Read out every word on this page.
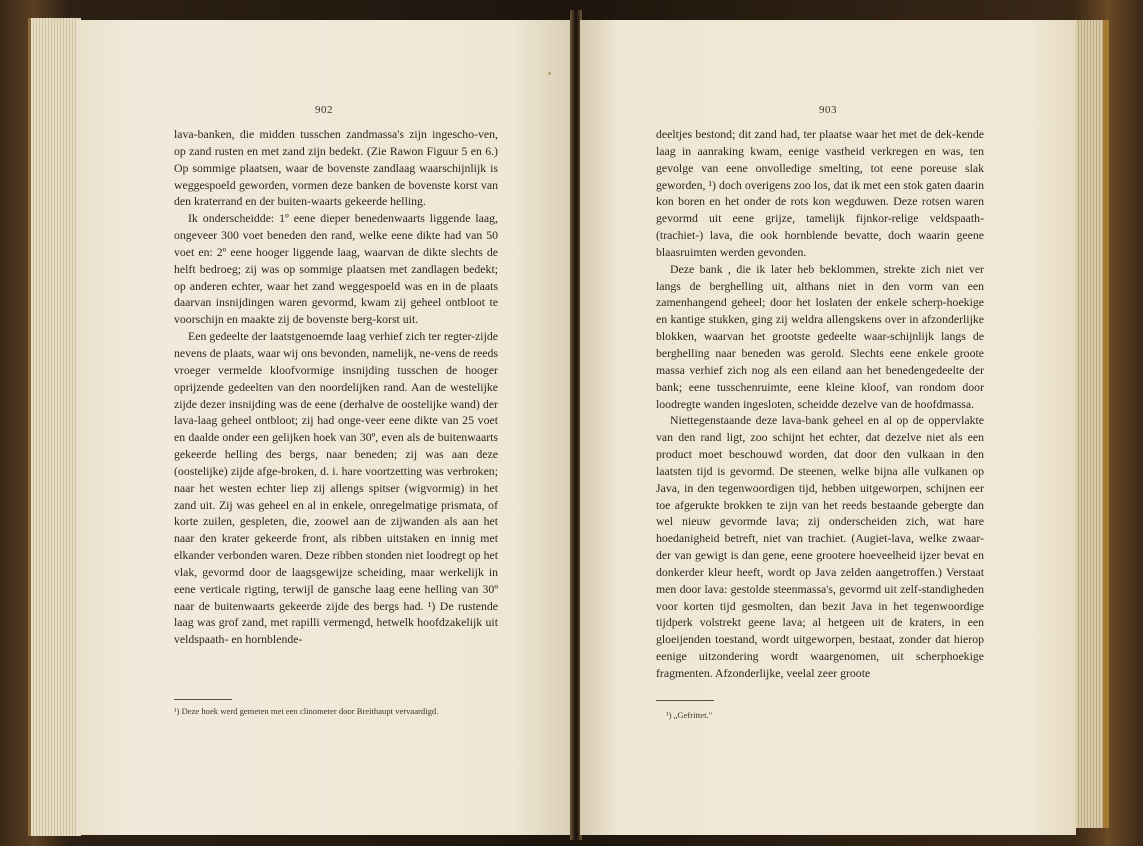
902

lava-banken, die midden tusschen zandmassa's zijn ingescho-ven, op zand rusten en met zand zijn bedekt. (Zie Rawon Figuur 5 en 6.) Op sommige plaatsen, waar de bovenste zandlaag waarschijnlijk is weggespoeld geworden, vormen deze banken de bovenste korst van den kraterrand en der buiten-waarts gekeerde helling.

Ik onderscheidde: 1º eene dieper benedenwaarts liggende laag, ongeveer 300 voet beneden den rand, welke eene dikte had van 50 voet en: 2º eene hooger liggende laag, waarvan de dikte slechts de helft bedroeg; zij was op sommige plaatsen met zandlagen bedekt; op anderen echter, waar het zand weggespoeld was en in de plaats daarvan insnijdingen waren gevormd, kwam zij geheel ontbloot te voorschijn en maakte zij de bovenste berg-korst uit.

Een gedeelte der laatstgenoemde laag verhief zich ter regter-zijde nevens de plaats, waar wij ons bevonden, namelijk, ne-vens de reeds vroeger vermelde kloofvormige insnijding tusschen de hooger oprijzende gedeelten van den noordelijken rand. Aan de westelijke zijde dezer insnijding was de eene (derhalve de oostelijke wand) der lava-laag geheel ontbloot; zij had onge-veer eene dikte van 25 voet en daalde onder een gelijken hoek van 30º, even als de buitenwaarts gekeerde helling des bergs, naar beneden; zij was aan deze (oostelijke) zijde afge-broken, d. i. hare voortzetting was verbroken; naar het westen echter liep zij allengs spitser (wigvormig) in het zand uit. Zij was geheel en al in enkele, onregelmatige prismata, of korte zuilen, gespleten, die, zoowel aan de zijwanden als aan het naar den krater gekeerde front, als ribben uitstaken en innig met elkander verbonden waren. Deze ribben stonden niet loodregt op het vlak, gevormd door de laagsgewijze scheiding, maar werkelijk in eene verticale rigting, terwijl de gansche laag eene helling van 30º naar de buitenwaarts gekeerde zijde des bergs had. ¹) De rustende laag was grof zand, met rapilli vermengd, hetwelk hoofdzakelijk uit veldspaath- en hornblende-

¹) Deze hoek werd gemeten met een clinometer door Breithaupt vervaardigd.
903

deeltjes bestond; dit zand had, ter plaatse waar het met de dek-kende laag in aanraking kwam, eenige vastheid verkregen en was, ten gevolge van eene onvolledige smelting, tot eene poreuse slak geworden, ¹) doch overigens zoo los, dat ik met een stok gaten daarin kon boren en het onder de rots kon wegduwen. Deze rotsen waren gevormd uit eene grijze, tamelijk fijnkor-relige veldspaath- (trachiet-) lava, die ook hornblende bevatte, doch waarin geene blaasruimten werden gevonden.

Deze bank , die ik later heb beklommen, strekte zich niet ver langs de berghelling uit, althans niet in den vorm van een zamenhangend geheel; door het loslaten der enkele scherp-hoekige en kantige stukken, ging zij weldra allengskens over in afzonderlijke blokken, waarvan het grootste gedeelte waar-schijnlijk langs de berghelling naar beneden was gerold. Slechts eene enkele groote massa verhief zich nog als een eiland aan het benedengedeelte der bank; eene tusschenruimte, eene kleine kloof, van rondom door loodregte wanden ingesloten, scheidde dezelve van de hoofdmassa.

Niettegenstaande deze lava-bank geheel en al op de oppervlakte van den rand ligt, zoo schijnt het echter, dat dezelve niet als een product moet beschouwd worden, dat door den vulkaan in den laatsten tijd is gevormd. De steenen, welke bijna alle vulkanen op Java, in den tegenwoordigen tijd, hebben uitgeworpen, schijnen eer toe afgerukte brokken te zijn van het reeds bestaande gebergte dan wel nieuw gevormde lava; zij onderscheiden zich, wat hare hoedanigheid betreft, niet van trachiet. (Augiet-lava, welke zwaar-der van gewigt is dan gene, eene grootere hoeveelheid ijzer bevat en donkerder kleur heeft, wordt op Java zelden aangetroffen.) Verstaat men door lava: gestolde steenmassa's, gevormd uit zelf-standigheden voor korten tijd gesmolten, dan bezit Java in het tegenwoordige tijdperk volstrekt geene lava; al hetgeen uit de kraters, in een gloeijenden toestand, wordt uitgeworpen, bestaat, zonder dat hierop eenige uitzondering wordt waargenomen, uit scherphoekige fragmenten. Afzonderlijke, veelal zeer groote

¹) „Gefrittet."
